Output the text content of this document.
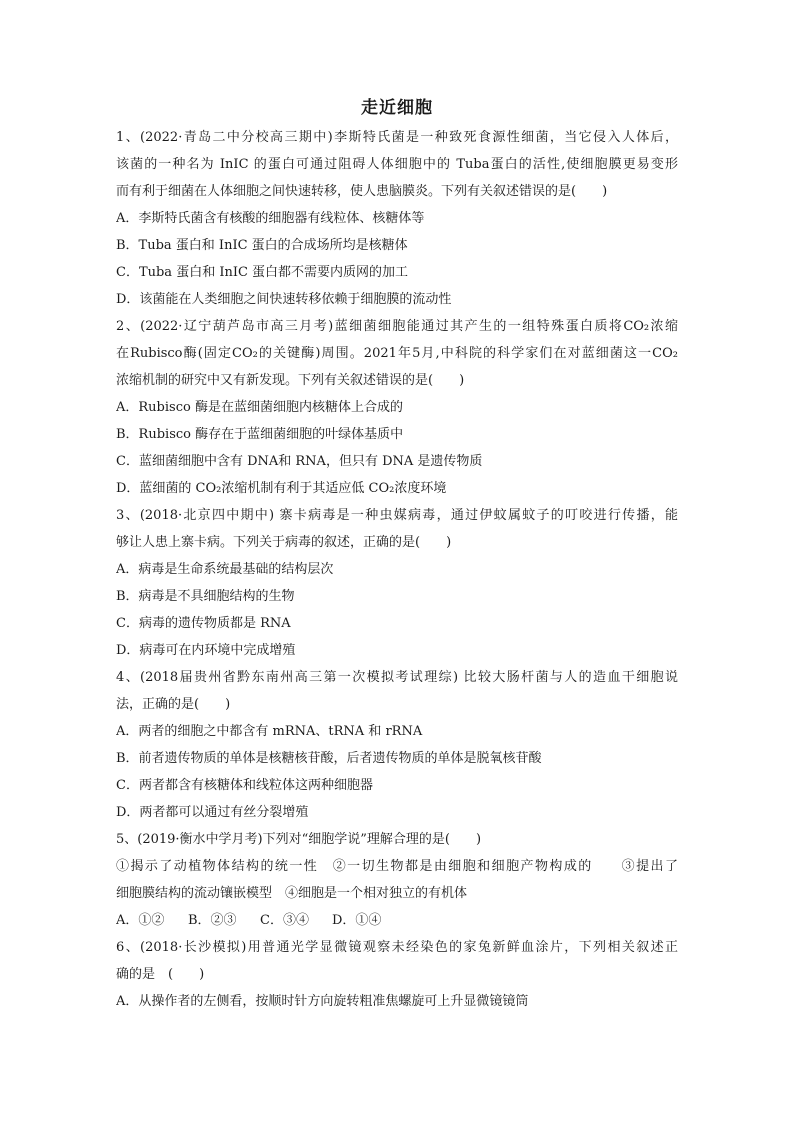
走近细胞
1、(2022·青岛二中分校高三期中)李斯特氏菌是一种致死食源性细菌，当它侵入人体后，
该菌的一种名为 InIC 的蛋白可通过阻碍人体细胞中的 Tuba蛋白的活性,使细胞膜更易变形
而有利于细菌在人体细胞之间快速转移，使人患脑膜炎。下列有关叙述错误的是(　　)
A．李斯特氏菌含有核酸的细胞器有线粒体、核糖体等
B．Tuba 蛋白和 InIC 蛋白的合成场所均是核糖体
C．Tuba 蛋白和 InIC 蛋白都不需要内质网的加工
D．该菌能在人类细胞之间快速转移依赖于细胞膜的流动性
2、(2022·辽宁葫芦岛市高三月考)蓝细菌细胞能通过其产生的一组特殊蛋白质将CO₂浓缩
在Rubisco酶(固定CO₂的关键酶)周围。2021年5月,中科院的科学家们在对蓝细菌这一CO₂
浓缩机制的研究中又有新发现。下列有关叙述错误的是(　　)
A．Rubisco 酶是在蓝细菌细胞内核糖体上合成的
B．Rubisco 酶存在于蓝细菌细胞的叶绿体基质中
C．蓝细菌细胞中含有 DNA和 RNA，但只有 DNA 是遗传物质
D．蓝细菌的 CO₂浓缩机制有利于其适应低 CO₂浓度环境
3、(2018·北京四中期中) 寨卡病毒是一种虫媒病毒，通过伊蚊属蚊子的叮咬进行传播，能
够让人患上寨卡病。下列关于病毒的叙述，正确的是(　　)
A．病毒是生命系统最基础的结构层次
B．病毒是不具细胞结构的生物
C．病毒的遗传物质都是 RNA
D．病毒可在内环境中完成增殖
4、(2018届贵州省黔东南州高三第一次模拟考试理综) 比较大肠杆菌与人的造血干细胞说
法，正确的是(　　)
A．两者的细胞之中都含有 mRNA、tRNA 和 rRNA
B．前者遗传物质的单体是核糖核苷酸，后者遗传物质的单体是脱氧核苷酸
C．两者都含有核糖体和线粒体这两种细胞器
D．两者都可以通过有丝分裂增殖
5、(2019·衡水中学月考)下列对“细胞学说”理解合理的是(　　)
①揭示了动植物体结构的统一性　②一切生物都是由细胞和细胞产物构成的　　③提出了
细胞膜结构的流动镶嵌模型　④细胞是一个相对独立的有机体
A．①② B．②③ C．③④ D．①④
6、(2018·长沙模拟)用普通光学显微镜观察未经染色的家兔新鲜血涂片，下列相关叙述正
确的是　(　　)
A．从操作者的左侧看，按顺时针方向旋转粗准焦螺旋可上升显微镜镜筒
